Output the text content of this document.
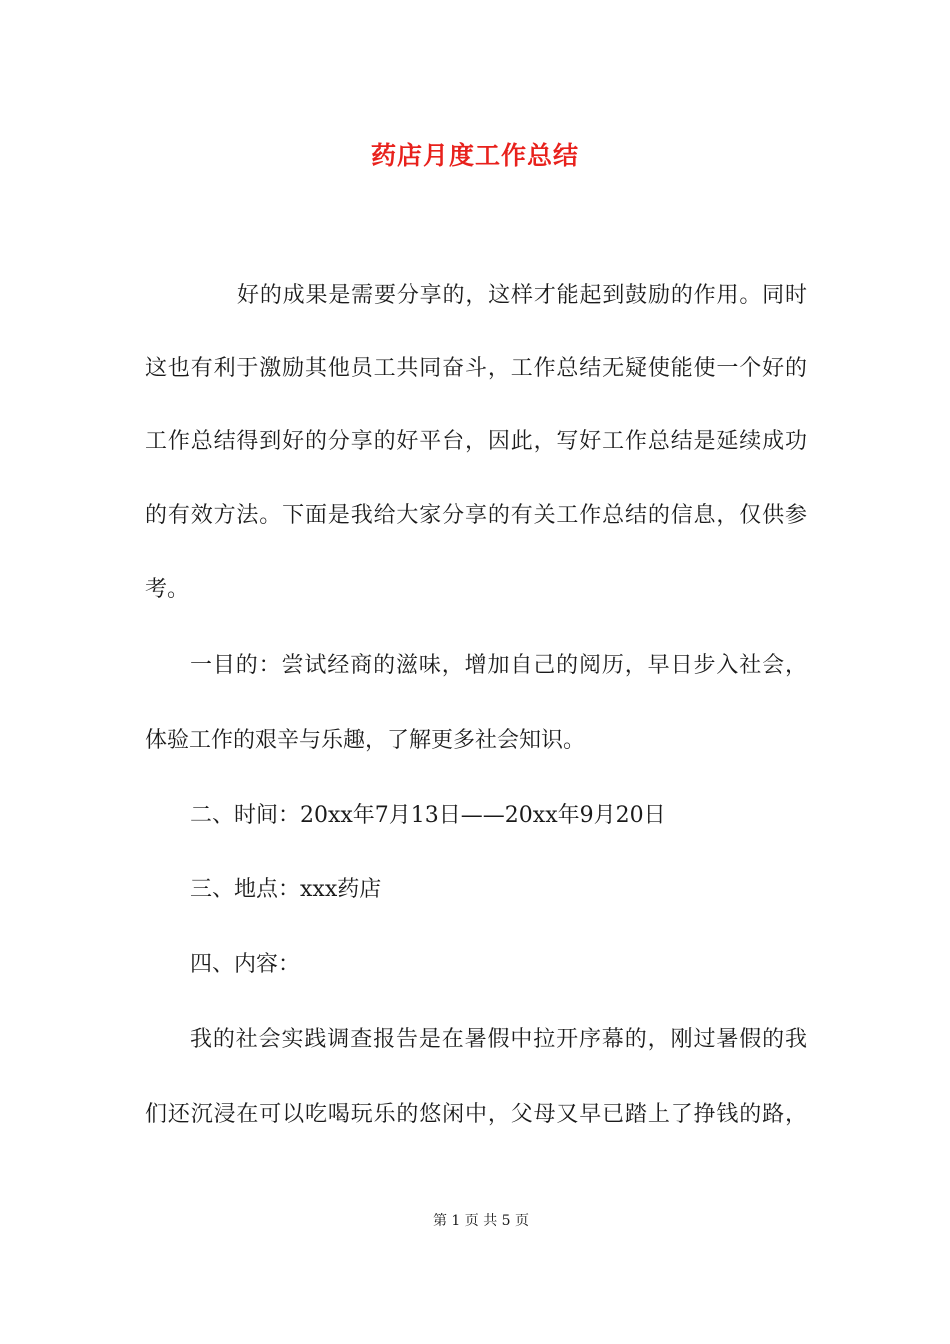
药店月度工作总结
好的成果是需要分享的，这样才能起到鼓励的作用。同时
这也有利于激励其他员工共同奋斗，工作总结无疑使能使一个好的
工作总结得到好的分享的好平台，因此，写好工作总结是延续成功
的有效方法。下面是我给大家分享的有关工作总结的信息，仅供参
考。
一目的：尝试经商的滋味，增加自己的阅历，早日步入社会，
体验工作的艰辛与乐趣，了解更多社会知识。
二、时间：20xx年7月13日——20xx年9月20日
三、地点：xxx药店
四、内容：
我的社会实践调查报告是在暑假中拉开序幕的，刚过暑假的我
们还沉浸在可以吃喝玩乐的悠闲中，父母又早已踏上了挣钱的路，
第 1 页 共 5 页
